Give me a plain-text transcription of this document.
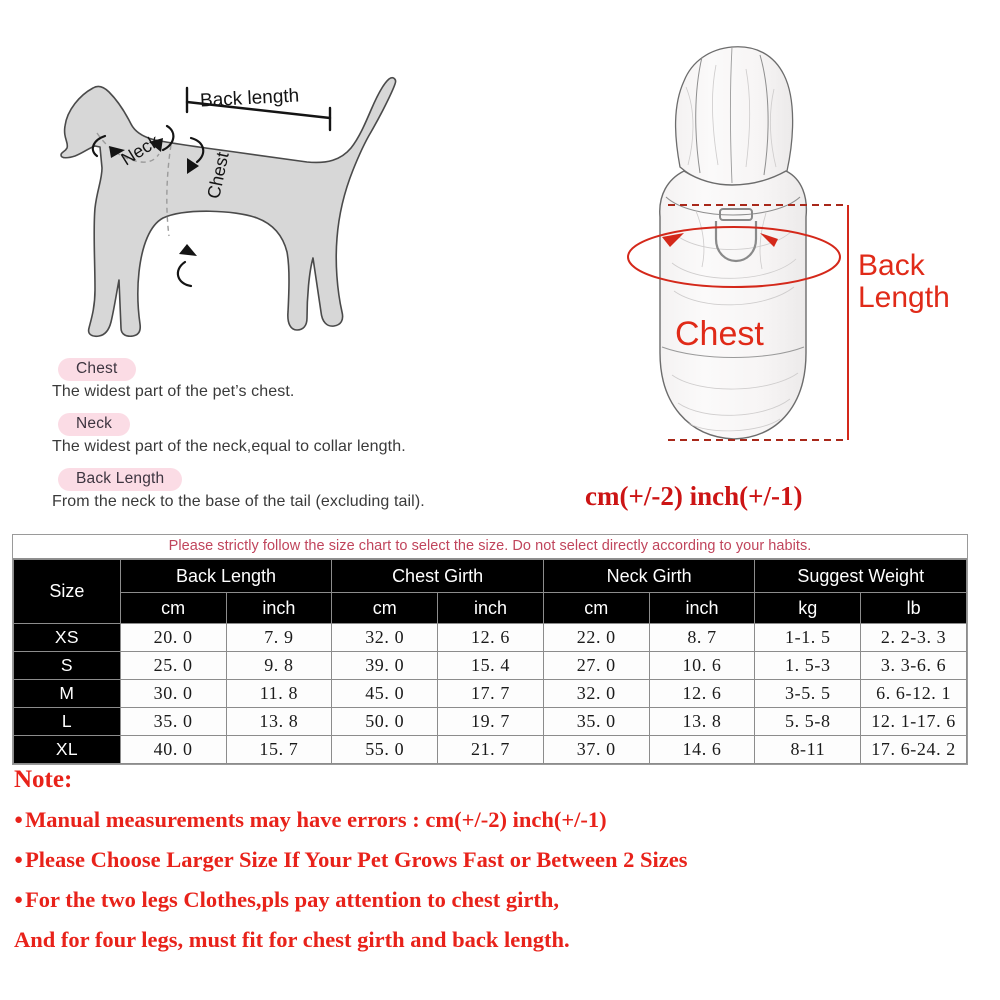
Back length
Neck
Chest
Chest
The widest part of the pet’s chest.
Neck
The widest part of the neck,equal to collar length.
Back Length
From the neck to the base of the tail (excluding tail).
Chest
Back
Length
cm(+/-2) inch(+/-1)
Please strictly follow the size chart to select the size. Do not select directly according to your habits.
Size	Back Length		Chest Girth		Neck Girth		Suggest Weight	
	cm	inch	cm	inch	cm	inch	kg	lb
XS	20. 0	7. 9	32. 0	12. 6	22. 0	8. 7	1-1. 5	2. 2-3. 3
S	25. 0	9. 8	39. 0	15. 4	27. 0	10. 6	1. 5-3	3. 3-6. 6
M	30. 0	11. 8	45. 0	17. 7	32. 0	12. 6	3-5. 5	6. 6-12. 1
L	35. 0	13. 8	50. 0	19. 7	35. 0	13. 8	5. 5-8	12. 1-17. 6
XL	40. 0	15. 7	55. 0	21. 7	37. 0	14. 6	8-11	17. 6-24. 2
Note:
● Manual measurements may have errors : cm(+/-2) inch(+/-1)
● Please Choose Larger Size If Your Pet Grows Fast or Between 2 Sizes
● For the two legs Clothes,pls pay attention to chest girth,
And for four legs, must fit for chest girth and back length.
